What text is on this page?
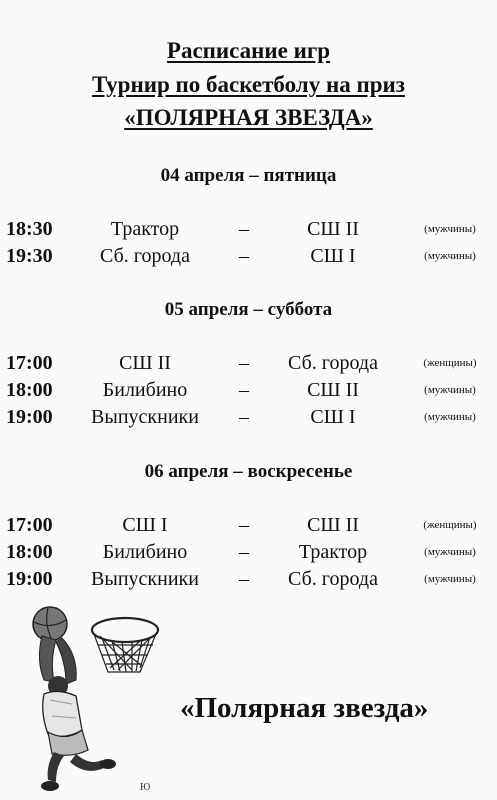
Расписание игр
Турнир по баскетболу на приз
«ПОЛЯРНАЯ ЗВЕЗДА»
04 апреля – пятница
18:30	Трактор	–	СШ II	(мужчины)
19:30	Сб. города	–	СШ I	(мужчины)
05 апреля – суббота
17:00	СШ II	–	Сб. города	(женщины)
18:00	Билибино	–	СШ II	(мужчины)
19:00	Выпускники	–	СШ I	(мужчины)
06 апреля – воскресенье
17:00	СШ I	–	СШ II	(женщины)
18:00	Билибино	–	Трактор	(мужчины)
19:00	Выпускники	–	Сб. города	(мужчины)
Ю
«Полярная звезда»
